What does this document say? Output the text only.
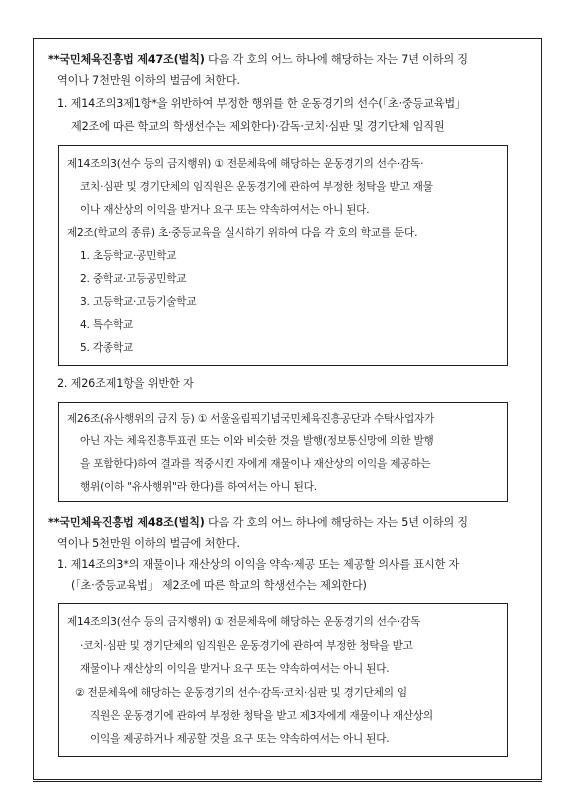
**국민체육진흥법 제47조(벌칙) 다음 각 호의 어느 하나에 해당하는 자는 7년 이하의 징
역이나 7천만원 이하의 벌금에 처한다.
1. 제14조의3제1항*을 위반하여 부정한 행위를 한 운동경기의 선수(「초·중등교육법」
제2조에 따른 학교의 학생선수는 제외한다)·감독·코치·심판 및 경기단체 임직원
제14조의3(선수 등의 금지행위) ① 전문체육에 해당하는 운동경기의 선수·감독·
코치·심판 및 경기단체의 임직원은 운동경기에 관하여 부정한 청탁을 받고 재물
이나 재산상의 이익을 받거나 요구 또는 약속하여서는 아니 된다.
제2조(학교의 종류) 초·중등교육을 실시하기 위하여 다음 각 호의 학교를 둔다.
1. 초등학교·공민학교
2. 중학교·고등공민학교
3. 고등학교·고등기술학교
4. 특수학교
5. 각종학교
2. 제26조제1항을 위반한 자
제26조(유사행위의 금지 등) ① 서울올림픽기념국민체육진흥공단과 수탁사업자가
아닌 자는 체육진흥투표권 또는 이와 비슷한 것을 발행(정보통신망에 의한 발행
을 포함한다)하여 결과를 적중시킨 자에게 재물이나 재산상의 이익을 제공하는
행위(이하 "유사행위"라 한다)를 하여서는 아니 된다.
**국민체육진흥법 제48조(벌칙) 다음 각 호의 어느 하나에 해당하는 자는 5년 이하의 징
역이나 5천만원 이하의 벌금에 처한다.
1. 제14조의3*의 재물이나 재산상의 이익을 약속·제공 또는 제공할 의사를 표시한 자
(「초·중등교육법」 제2조에 따른 학교의 학생선수는 제외한다)
제14조의3(선수 등의 금지행위) ① 전문체육에 해당하는 운동경기의 선수·감독
·코치·심판 및 경기단체의 임직원은 운동경기에 관하여 부정한 청탁을 받고
재물이나 재산상의 이익을 받거나 요구 또는 약속하여서는 아니 된다.
② 전문체육에 해당하는 운동경기의 선수·감독·코치·심판 및 경기단체의 임
직원은 운동경기에 관하여 부정한 청탁을 받고 제3자에게 재물이나 재산상의
이익을 제공하거나 제공할 것을 요구 또는 약속하여서는 아니 된다.
